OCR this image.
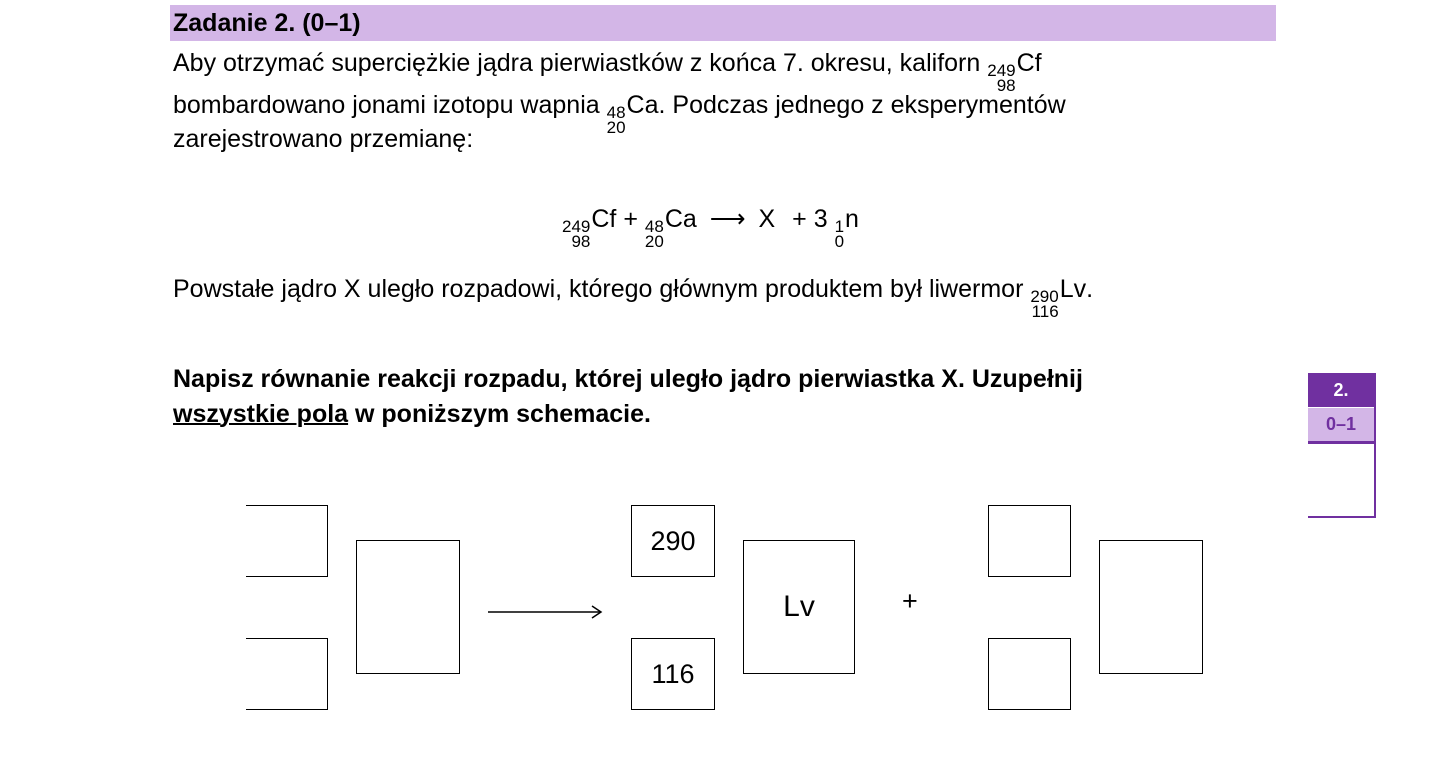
Zadanie 2. (0–1)
Aby otrzymać superciężkie jądra pierwiastków z końca 7. okresu, kaliforn 249
98
Cf
bombardowano jonami izotopu wapnia 48
20
Ca. Podczas jednego z eksperymentów
zarejestrowano przemianę:
249
98
Cf + 48
20
Ca ⟶ X + 3 1
0
n
Powstałe jądro X uległo rozpadowi, którego głównym produktem był liwermor 290
116
Lv.
Napisz równanie reakcji rozpadu, której uległo jądro pierwiastka X. Uzupełnij
wszystkie pola w poniższym schemacie.
290
116
Lv	+
2.
0–1
